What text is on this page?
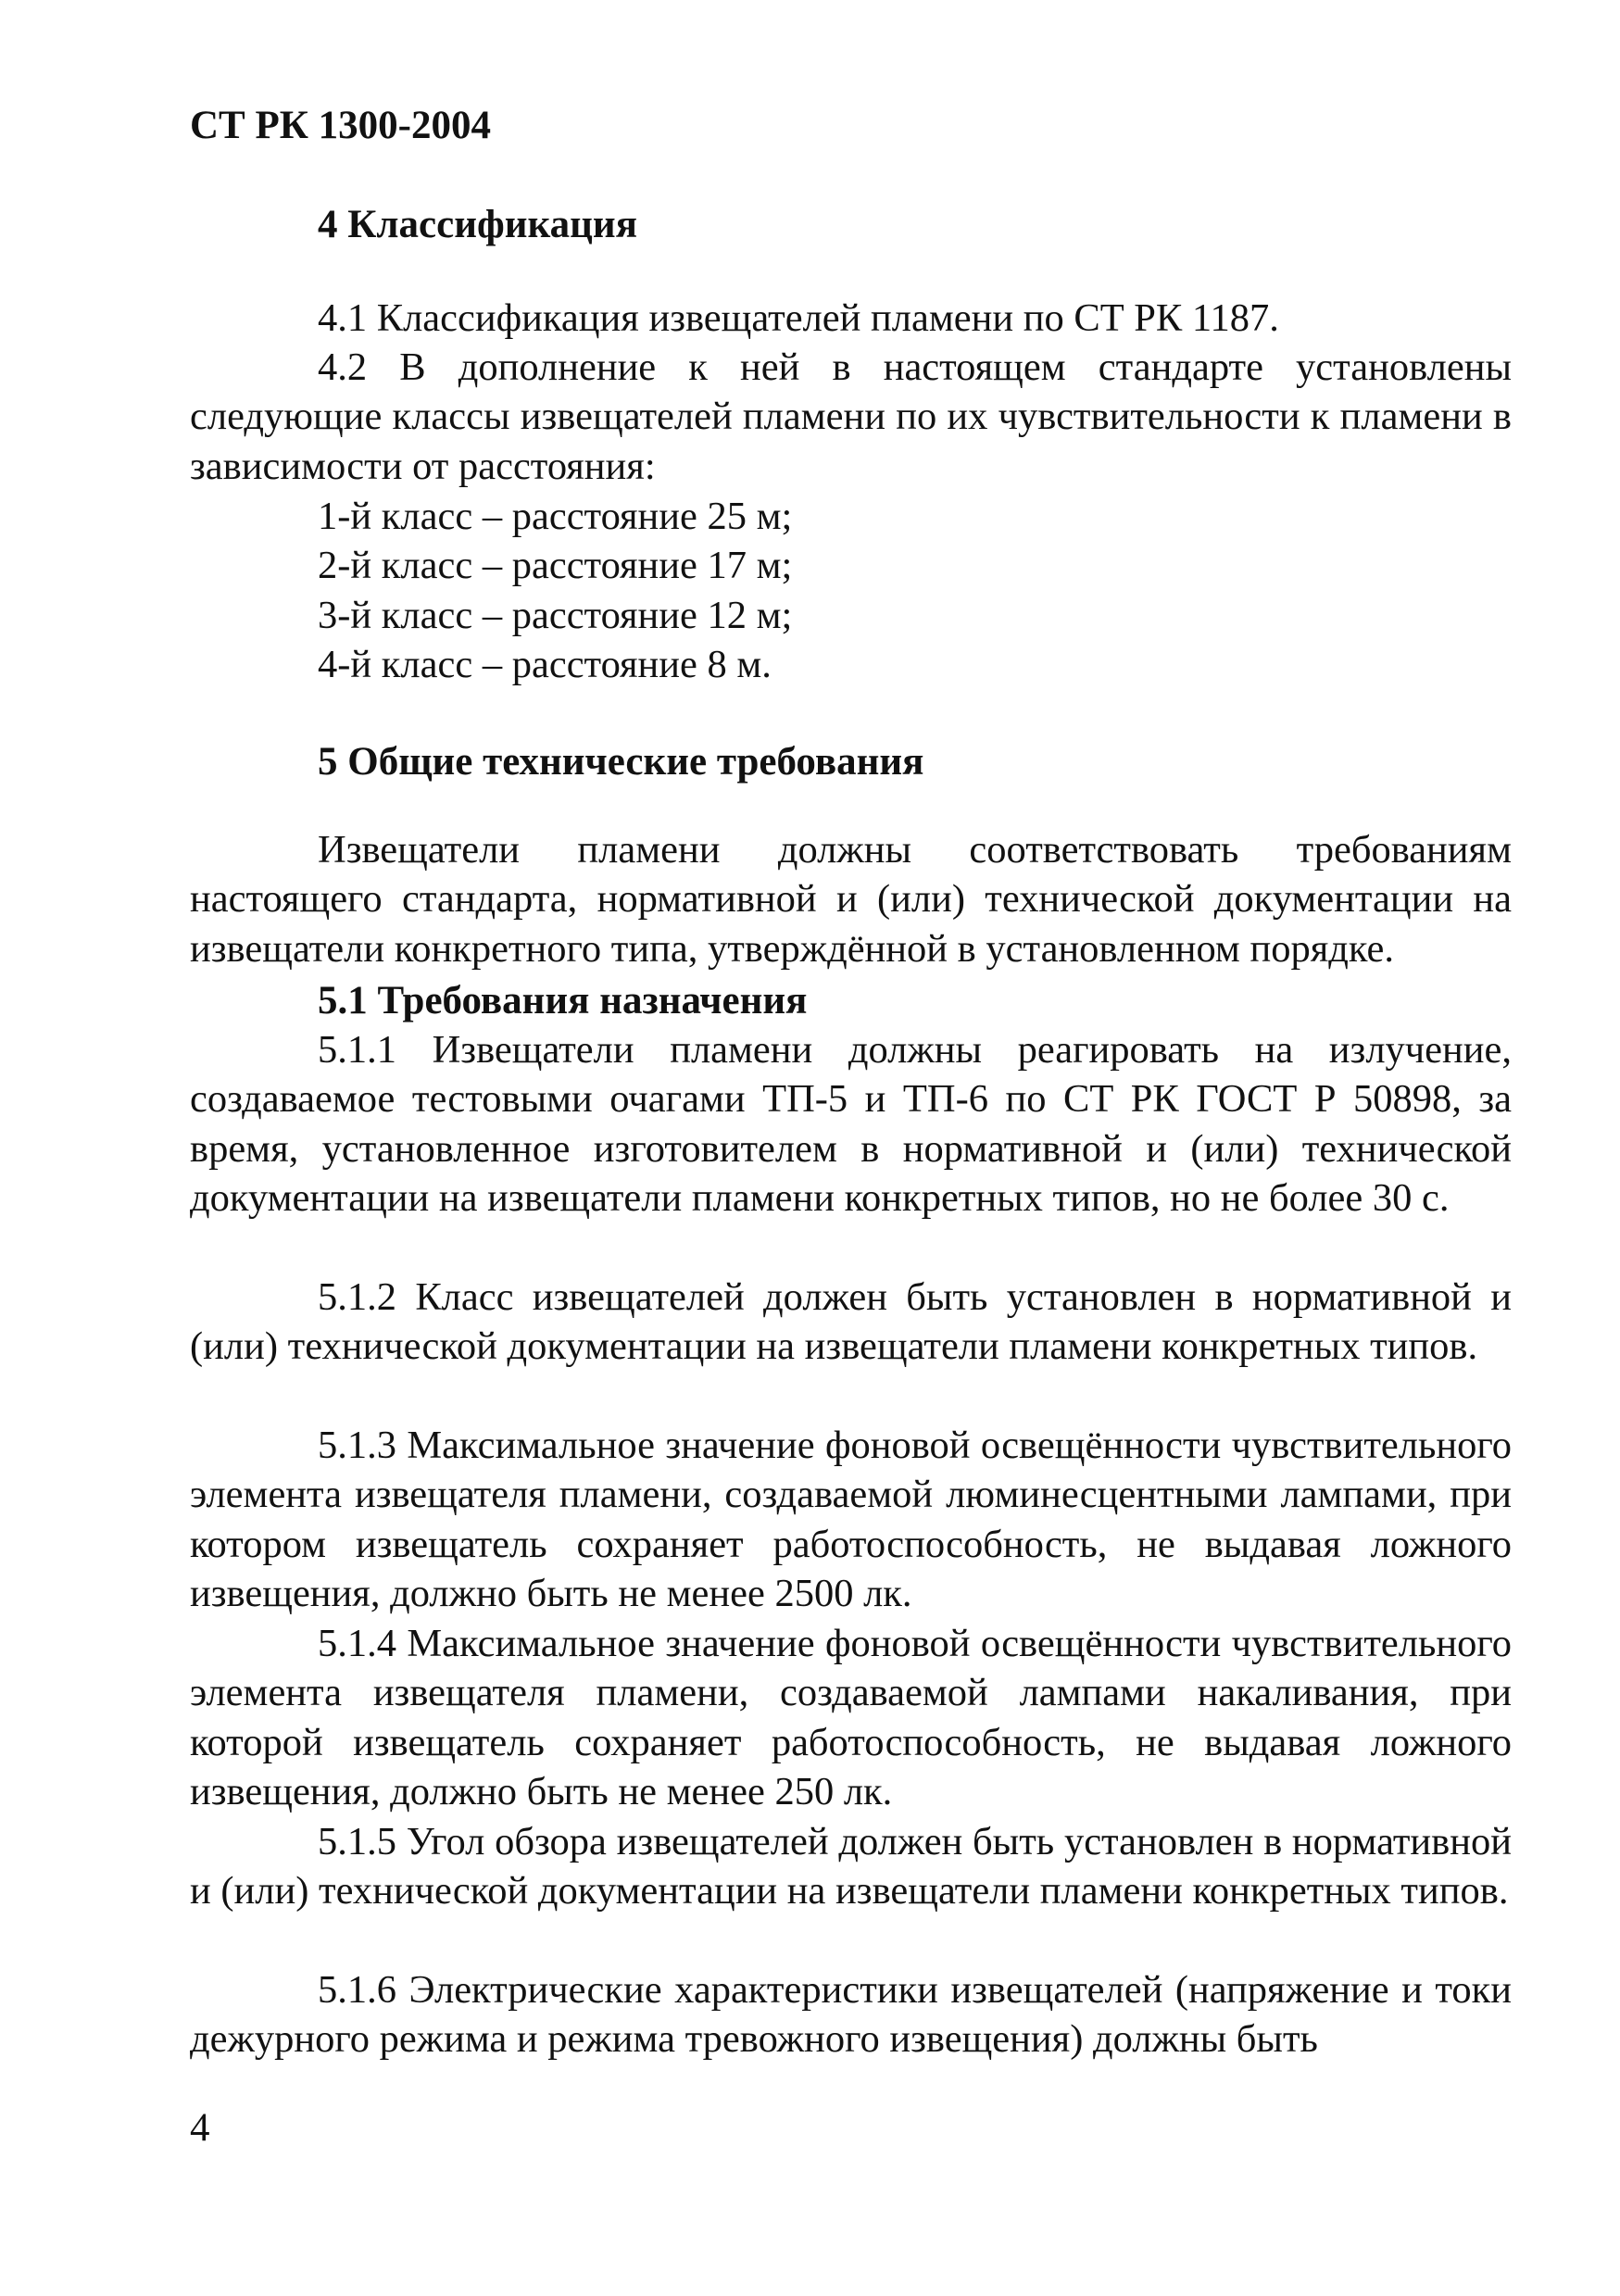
СТ РК 1300-2004
4 Классификация
4.1 Классификация извещателей пламени по СТ РК 1187.
4.2 В дополнение к ней в настоящем стандарте установлены следующие классы извещателей пламени по их чувствительности к пламени в зависимости от расстояния:
1-й класс – расстояние 25 м;
2-й класс – расстояние 17 м;
3-й класс – расстояние 12 м;
4-й класс – расстояние 8 м.
5 Общие технические требования
Извещатели пламени должны соответствовать требованиям настоящего стандарта, нормативной и (или) технической документации на извещатели конкретного типа, утверждённой в установленном порядке.
5.1 Требования назначения
5.1.1 Извещатели пламени должны реагировать на излучение, создаваемое тестовыми очагами ТП-5 и ТП-6 по СТ РК ГОСТ Р 50898, за время, установленное изготовителем в нормативной и (или) технической документации на извещатели пламени конкретных типов, но не более 30 с.
5.1.2 Класс извещателей должен быть установлен в нормативной и (или) технической документации на извещатели пламени конкретных типов.
5.1.3 Максимальное значение фоновой освещённости чувствительного элемента извещателя пламени, создаваемой люминесцентными лампами, при котором извещатель сохраняет работоспособность, не выдавая ложного извещения, должно быть не менее 2500 лк.
5.1.4 Максимальное значение фоновой освещённости чувствительного элемента извещателя пламени, создаваемой лампами накаливания, при которой извещатель сохраняет работоспособность, не выдавая ложного извещения, должно быть не менее 250 лк.
5.1.5 Угол обзора извещателей должен быть установлен в нормативной и (или) технической документации на извещатели пламени конкретных типов.
5.1.6 Электрические характеристики извещателей (напряжение и токи дежурного режима и режима тревожного извещения) должны быть
4
